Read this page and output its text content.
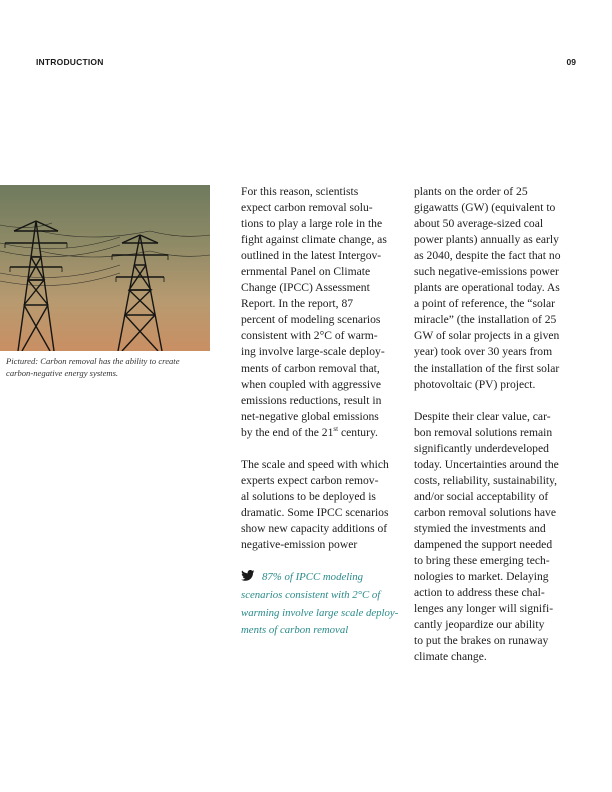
INTRODUCTION	09
Pictured: Carbon removal has the ability to create
carbon-negative energy systems.
For this reason, scientists
expect carbon removal solu-
tions to play a large role in the
fight against climate change, as
outlined in the latest Intergov-
ernmental Panel on Climate
Change (IPCC) Assessment
Report. In the report, 87
percent of modeling scenarios
consistent with 2°C of warm-
ing involve large-scale deploy-
ments of carbon removal that,
when coupled with aggressive
emissions reductions, result in
net-negative global emissions
by the end of the 21st century.
The scale and speed with which
experts expect carbon remov-
al solutions to be deployed is
dramatic. Some IPCC scenarios
show new capacity additions of
negative-emission power
87% of IPCC modeling
scenarios consistent with 2°C of
warming involve large scale deploy-
ments of carbon removal
plants on the order of 25
gigawatts (GW) (equivalent to
about 50 average-sized coal
power plants) annually as early
as 2040, despite the fact that no
such negative-emissions power
plants are operational today. As
a point of reference, the “solar
miracle” (the installation of 25
GW of solar projects in a given
year) took over 30 years from
the installation of the first solar
photovoltaic (PV) project.
Despite their clear value, car-
bon removal solutions remain
significantly underdeveloped
today. Uncertainties around the
costs, reliability, sustainability,
and/or social acceptability of
carbon removal solutions have
stymied the investments and
dampened the support needed
to bring these emerging tech-
nologies to market. Delaying
action to address these chal-
lenges any longer will signifi-
cantly jeopardize our ability
to put the brakes on runaway
climate change.
